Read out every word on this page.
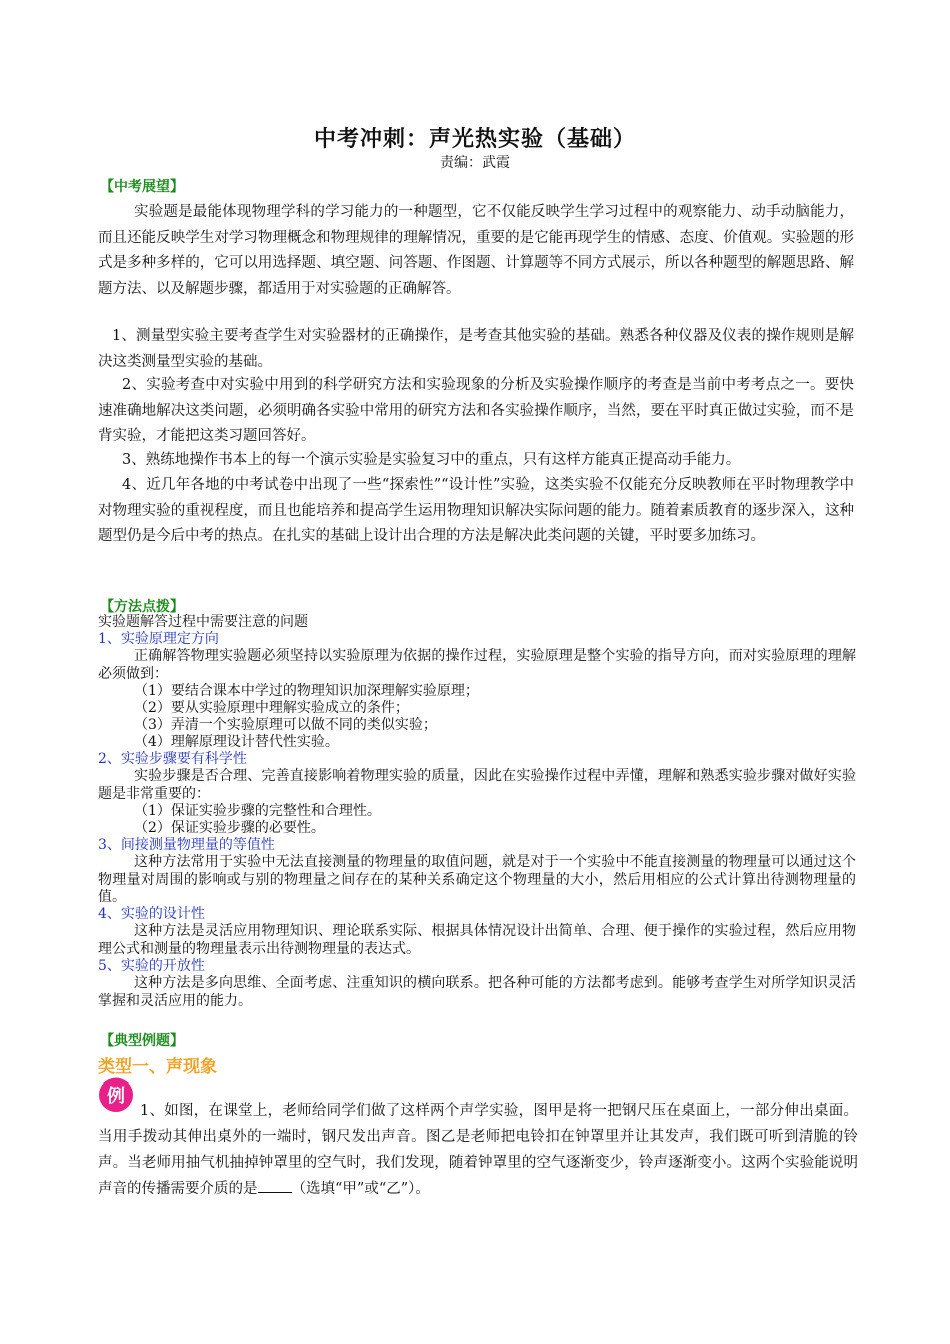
中考冲刺：声光热实验（基础）
责编：武霞
【中考展望】
实验题是最能体现物理学科的学习能力的一种题型，它不仅能反映学生学习过程中的观察能力、动手动脑能力，而且还能反映学生对学习物理概念和物理规律的理解情况，重要的是它能再现学生的情感、态度、价值观。实验题的形式是多种多样的，它可以用选择题、填空题、问答题、作图题、计算题等不同方式展示，所以各种题型的解题思路、解题方法、以及解题步骤，都适用于对实验题的正确解答。
1、测量型实验主要考查学生对实验器材的正确操作，是考查其他实验的基础。熟悉各种仪器及仪表的操作规则是解决这类测量型实验的基础。
2、实验考查中对实验中用到的科学研究方法和实验现象的分析及实验操作顺序的考查是当前中考考点之一。要快速准确地解决这类问题，必须明确各实验中常用的研究方法和各实验操作顺序，当然，要在平时真正做过实验，而不是背实验，才能把这类习题回答好。
3、熟练地操作书本上的每一个演示实验是实验复习中的重点，只有这样方能真正提高动手能力。
4、近几年各地的中考试卷中出现了一些“探索性”“设计性”实验，这类实验不仅能充分反映教师在平时物理教学中对物理实验的重视程度，而且也能培养和提高学生运用物理知识解决实际问题的能力。随着素质教育的逐步深入，这种题型仍是今后中考的热点。在扎实的基础上设计出合理的方法是解决此类问题的关键，平时要多加练习。
【方法点拨】
实验题解答过程中需要注意的问题
1、实验原理定方向
正确解答物理实验题必须坚持以实验原理为依据的操作过程，实验原理是整个实验的指导方向，而对实验原理的理解必须做到：
（1）要结合课本中学过的物理知识加深理解实验原理；
（2）要从实验原理中理解实验成立的条件；
（3）弄清一个实验原理可以做不同的类似实验；
（4）理解原理设计替代性实验。
2、实验步骤要有科学性
实验步骤是否合理、完善直接影响着物理实验的质量，因此在实验操作过程中弄懂，理解和熟悉实验步骤对做好实验题是非常重要的：
（1）保证实验步骤的完整性和合理性。
（2）保证实验步骤的必要性。
3、间接测量物理量的等值性
这种方法常用于实验中无法直接测量的物理量的取值问题，就是对于一个实验中不能直接测量的物理量可以通过这个物理量对周围的影响或与别的物理量之间存在的某种关系确定这个物理量的大小，然后用相应的公式计算出待测物理量的值。
4、实验的设计性
这种方法是灵活应用物理知识、理论联系实际、根据具体情况设计出简单、合理、便于操作的实验过程，然后应用物理公式和测量的物理量表示出待测物理量的表达式。
5、实验的开放性
这种方法是多向思维、全面考虑、注重知识的横向联系。把各种可能的方法都考虑到。能够考查学生对所学知识灵活掌握和灵活应用的能力。
【典型例题】
类型一、声现象
例
1、如图，在课堂上，老师给同学们做了这样两个声学实验，图甲是将一把钢尺压在桌面上，一部分伸出桌面。当用手拨动其伸出桌外的一端时，钢尺发出声音。图乙是老师把电铃扣在钟罩里并让其发声，我们既可听到清脆的铃声。当老师用抽气机抽掉钟罩里的空气时，我们发现，随着钟罩里的空气逐渐变少，铃声逐渐变小。这两个实验能说明声音的传播需要介质的是 （选填“甲”或“乙”）。
